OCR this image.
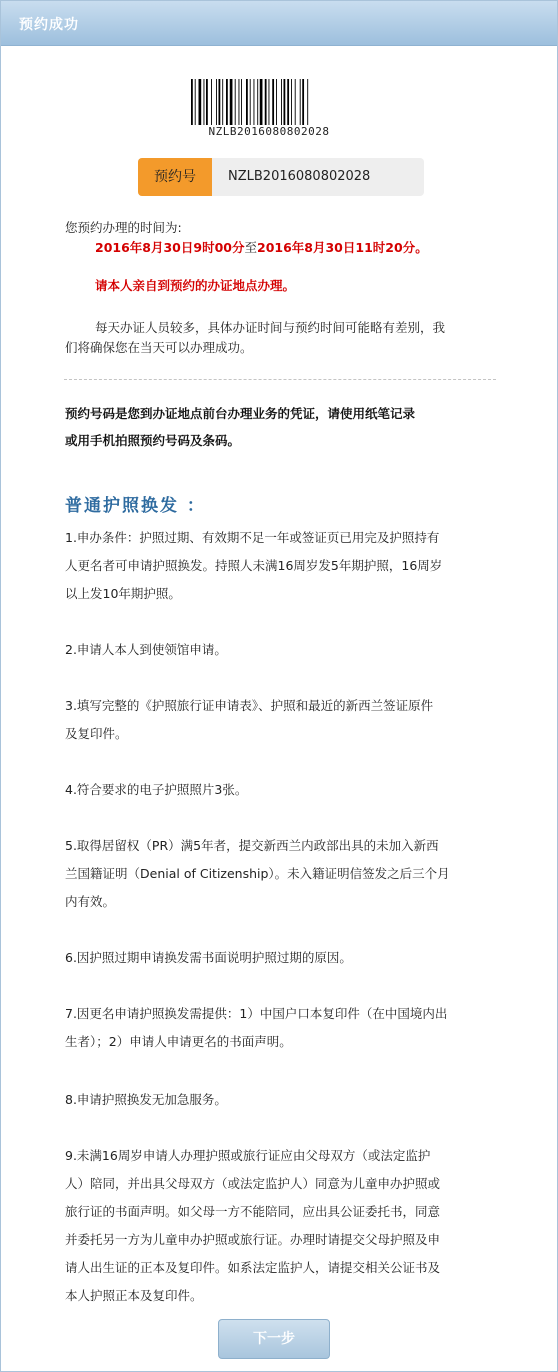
预约成功
NZLB2016080802028
预约号	NZLB2016080802028
您预约办理的时间为:
2016年8月30日9时00分至2016年8月30日11时20分。
请本人亲自到预约的办证地点办理。
每天办证人员较多，具体办证时间与预约时间可能略有差别，我
们将确保您在当天可以办理成功。
预约号码是您到办证地点前台办理业务的凭证，请使用纸笔记录
或用手机拍照预约号码及条码。
普通护照换发 ：
1.申办条件：护照过期、有效期不足一年或签证页已用完及护照持有
人更名者可申请护照换发。持照人未满16周岁发5年期护照，16周岁
以上发10年期护照。
2.申请人本人到使领馆申请。
3.填写完整的《护照旅行证申请表》、护照和最近的新西兰签证原件
及复印件。
4.符合要求的电子护照照片3张。
5.取得居留权（PR）满5年者，提交新西兰内政部出具的未加入新西
兰国籍证明（Denial of Citizenship）。未入籍证明信签发之后三个月
内有效。
6.因护照过期申请换发需书面说明护照过期的原因。
7.因更名申请护照换发需提供：1）中国户口本复印件（在中国境内出
生者）；2）申请人申请更名的书面声明。
8.申请护照换发无加急服务。
9.未满16周岁申请人办理护照或旅行证应由父母双方（或法定监护
人）陪同，并出具父母双方（或法定监护人）同意为儿童申办护照或
旅行证的书面声明。如父母一方不能陪同，应出具公证委托书，同意
并委托另一方为儿童申办护照或旅行证。办理时请提交父母护照及申
请人出生证的正本及复印件。如系法定监护人，请提交相关公证书及
本人护照正本及复印件。
下一步
